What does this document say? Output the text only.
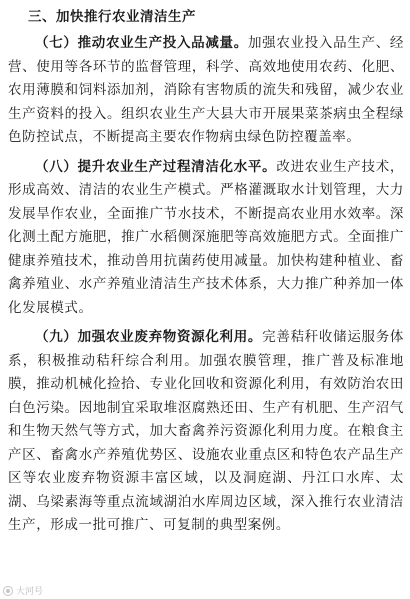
三、加快推行农业清洁生产

（七）推动农业生产投入品减量。加强农业投入品生产、经营、使用等各环节的监督管理，科学、高效地使用农药、化肥、农用薄膜和饲料添加剂，消除有害物质的流失和残留，减少农业生产资料的投入。组织农业生产大县大市开展果菜茶病虫全程绿色防控试点，不断提高主要农作物病虫绿色防控覆盖率。

（八）提升农业生产过程清洁化水平。改进农业生产技术，形成高效、清洁的农业生产模式。严格灌溉取水计划管理，大力发展旱作农业，全面推广节水技术，不断提高农业用水效率。深化测土配方施肥，推广水稻侧深施肥等高效施肥方式。全面推广健康养殖技术，推动兽用抗菌药使用减量。加快构建种植业、畜禽养殖业、水产养殖业清洁生产技术体系，大力推广种养加一体化发展模式。

（九）加强农业废弃物资源化利用。完善秸秆收储运服务体系，积极推动秸秆综合利用。加强农膜管理，推广普及标准地膜，推动机械化捡拾、专业化回收和资源化利用，有效防治农田白色污染。因地制宜采取堆沤腐熟还田、生产有机肥、生产沼气和生物天然气等方式，加大畜禽养污资源化利用力度。在粮食主产区、畜禽水产养殖优势区、设施农业重点区和特色农产品生产区等农业废弃物资源丰富区域，以及洞庭湖、丹江口水库、太湖、乌梁素海等重点流域湖泊水库周边区域，深入推行农业清洁生产，形成一批可推广、可复制的典型案例。

大河号
